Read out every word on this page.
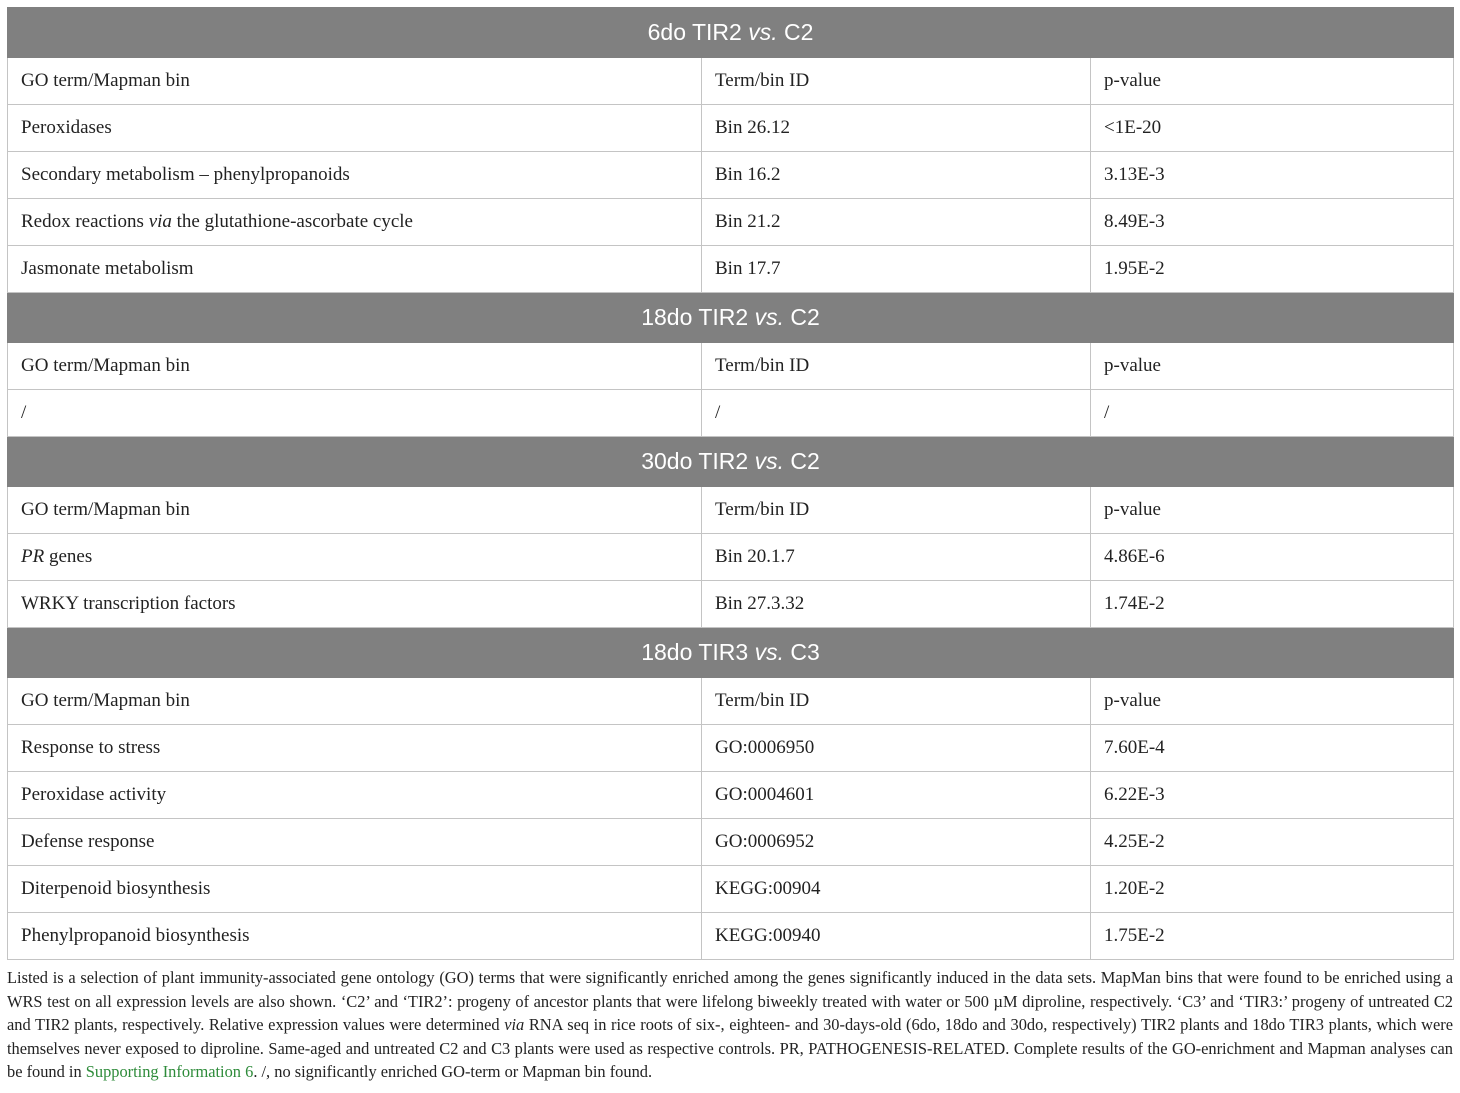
6do TIR2 vs. C2		
GO term/Mapman bin	Term/bin ID	p-value
Peroxidases	Bin 26.12	<1E-20
Secondary metabolism – phenylpropanoids	Bin 16.2	3.13E-3
Redox reactions via the glutathione-ascorbate cycle	Bin 21.2	8.49E-3
Jasmonate metabolism	Bin 17.7	1.95E-2
18do TIR2 vs. C2		
GO term/Mapman bin	Term/bin ID	p-value
/	/	/
30do TIR2 vs. C2		
GO term/Mapman bin	Term/bin ID	p-value
PR genes	Bin 20.1.7	4.86E-6
WRKY transcription factors	Bin 27.3.32	1.74E-2
18do TIR3 vs. C3		
GO term/Mapman bin	Term/bin ID	p-value
Response to stress	GO:0006950	7.60E-4
Peroxidase activity	GO:0004601	6.22E-3
Defense response	GO:0006952	4.25E-2
Diterpenoid biosynthesis	KEGG:00904	1.20E-2
Phenylpropanoid biosynthesis	KEGG:00940	1.75E-2
Listed is a selection of plant immunity-associated gene ontology (GO) terms that were significantly enriched among the genes significantly induced in the data sets. MapMan bins that were found to be enriched using a WRS test on all expression levels are also shown. ‘C2’ and ‘TIR2’: progeny of ancestor plants that were lifelong biweekly treated with water or 500 µM diproline, respectively. ‘C3’ and ‘TIR3:’ progeny of untreated C2 and TIR2 plants, respectively. Relative expression values were determined via RNA seq in rice roots of six-, eighteen- and 30-days-old (6do, 18do and 30do, respectively) TIR2 plants and 18do TIR3 plants, which were themselves never exposed to diproline. Same-aged and untreated C2 and C3 plants were used as respective controls. PR, PATHOGENESIS-RELATED. Complete results of the GO-enrichment and Mapman analyses can be found in Supporting Information 6. /, no significantly enriched GO-term or Mapman bin found.
